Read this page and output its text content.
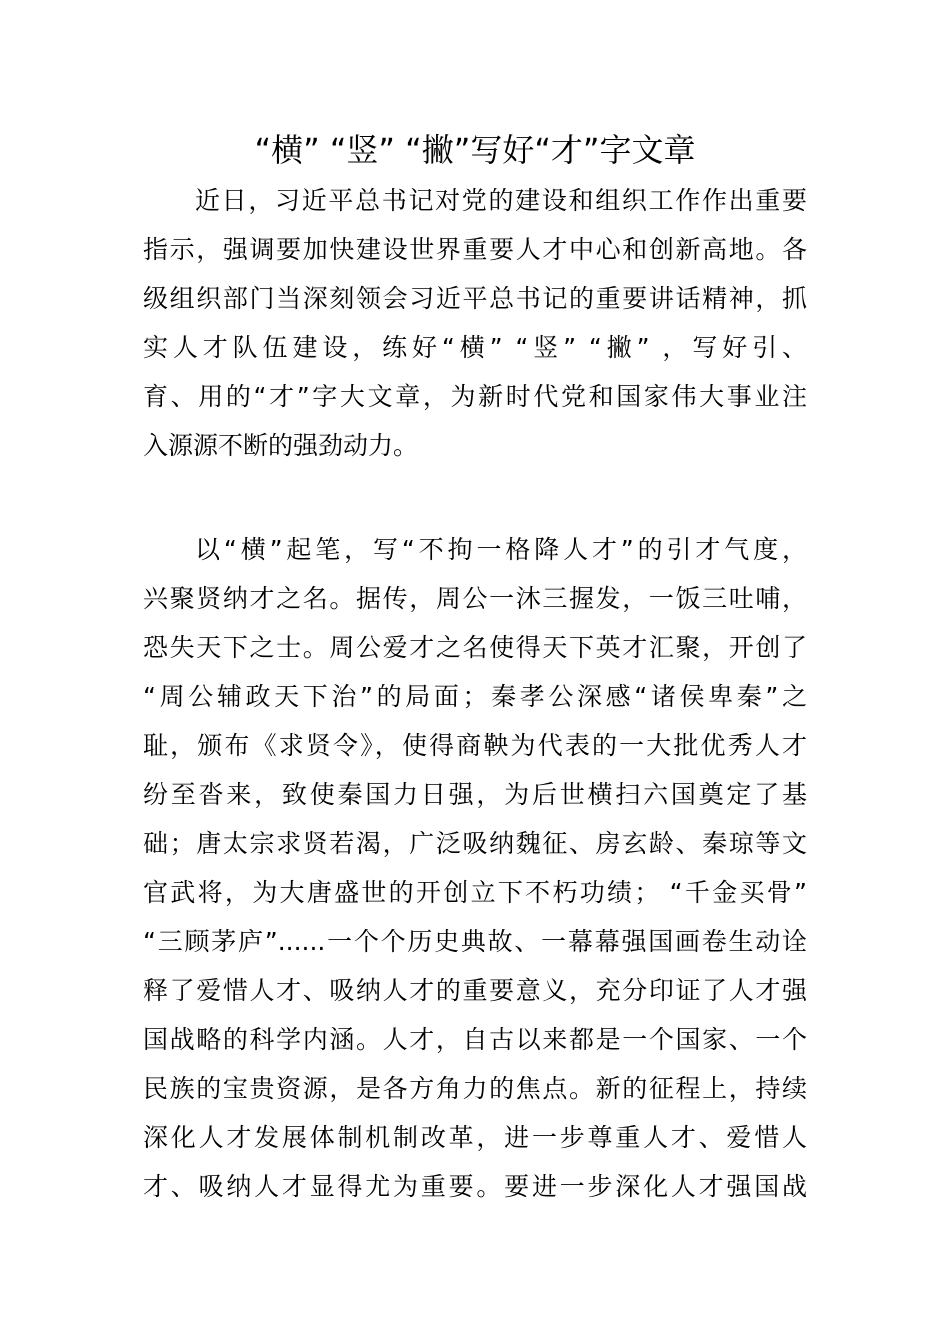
“横” “竖” “撇”写好“才”字文章
近日，习近平总书记对党的建设和组织工作作出重要
指示，强调要加快建设世界重要人才中心和创新高地。各
级组织部门当深刻领会习近平总书记的重要讲话精神，抓
实人才队伍建设，练好“横” “竖” “撇” ，写好引、
育、用的“才”字大文章，为新时代党和国家伟大事业注
入源源不断的强劲动力。
以“横”起笔，写“不拘一格降人才”的引才气度，
兴聚贤纳才之名。据传，周公一沐三握发，一饭三吐哺，
恐失天下之士。周公爱才之名使得天下英才汇聚，开创了
“周公辅政天下治”的局面；秦孝公深感“诸侯卑秦”之
耻，颁布《求贤令》，使得商鞅为代表的一大批优秀人才
纷至沓来，致使秦国力日强，为后世横扫六国奠定了基
础；唐太宗求贤若渴，广泛吸纳魏征、房玄龄、秦琼等文
官武将，为大唐盛世的开创立下不朽功绩； “千金买骨”
“三顾茅庐”......一个个历史典故、一幕幕强国画卷生动诠
释了爱惜人才、吸纳人才的重要意义，充分印证了人才强
国战略的科学内涵。人才，自古以来都是一个国家、一个
民族的宝贵资源，是各方角力的焦点。新的征程上，持续
深化人才发展体制机制改革，进一步尊重人才、爱惜人
才、吸纳人才显得尤为重要。要进一步深化人才强国战
